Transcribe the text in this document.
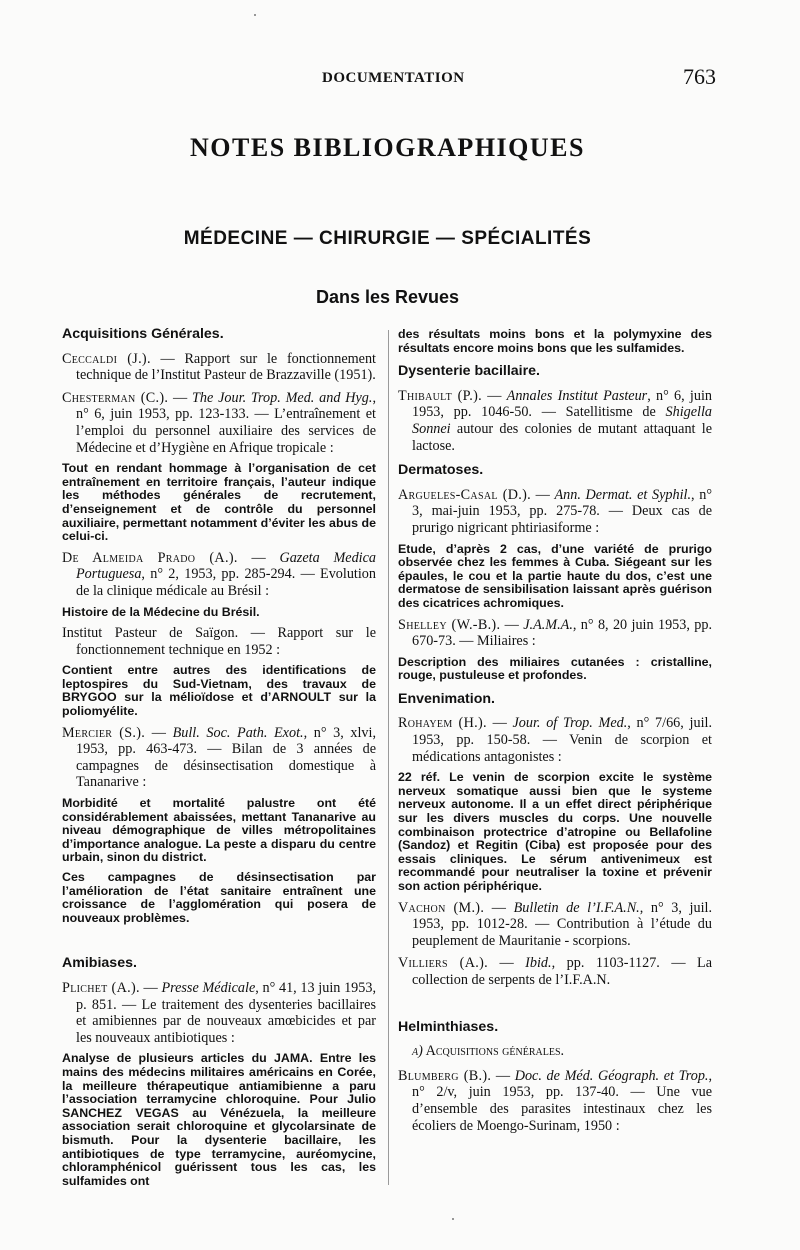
DOCUMENTATION	763
NOTES BIBLIOGRAPHIQUES
MÉDECINE — CHIRURGIE — SPÉCIALITÉS
Dans les Revues
Acquisitions Générales.

Ceccaldi (J.). — Rapport sur le fonctionnement technique de l’Institut Pasteur de Brazzaville (1951).

Chesterman (C.). — The Jour. Trop. Med. and Hyg., n° 6, juin 1953, pp. 123-133. — L’entraînement et l’emploi du personnel auxiliaire des services de Médecine et d’Hygiène en Afrique tropicale :

Tout en rendant hommage à l’organisation de cet entraînement en territoire français, l’auteur indique les méthodes générales de recrutement, d’enseignement et de contrôle du personnel auxiliaire, permettant notamment d’éviter les abus de celui-ci.

De Almeida Prado (A.). — Gazeta Medica Portuguesa, n° 2, 1953, pp. 285-294. — Evolution de la clinique médicale au Brésil :

Histoire de la Médecine du Brésil.

Institut Pasteur de Saïgon. — Rapport sur le fonctionnement technique en 1952 :

Contient entre autres des identifications de leptospires du Sud-Vietnam, des travaux de BRYGOO sur la mélioïdose et d’ARNOULT sur la poliomyélite.

Mercier (S.). — Bull. Soc. Path. Exot., n° 3, xlvi, 1953, pp. 463-473. — Bilan de 3 années de campagnes de désinsectisation domestique à Tananarive :

Morbidité et mortalité palustre ont été considérablement abaissées, mettant Tananarive au niveau démographique de villes métropolitaines d’importance analogue. La peste a disparu du centre urbain, sinon du district.

Ces campagnes de désinsectisation par l’amélioration de l’état sanitaire entraînent une croissance de l’agglomération qui posera de nouveaux problèmes.

Amibiases.

Plichet (A.). — Presse Médicale, n° 41, 13 juin 1953, p. 851. — Le traitement des dysenteries bacillaires et amibiennes par de nouveaux amœbicides et par les nouveaux antibiotiques :

Analyse de plusieurs articles du JAMA. Entre les mains des médecins militaires américains en Corée, la meilleure thérapeutique antiamibienne a paru l’association terramycine chloroquine. Pour Julio SANCHEZ VEGAS au Vénézuela, la meilleure association serait chloroquine et glycolarsinate de bismuth. Pour la dysenterie bacillaire, les antibiotiques de type terramycine, auréomycine, chloramphénicol guérissent tous les cas, les sulfamides ont

des résultats moins bons et la polymyxine des résultats encore moins bons que les sulfamides.

Dysenterie bacillaire.

Thibault (P.). — Annales Institut Pasteur, n° 6, juin 1953, pp. 1046-50. — Satellitisme de Shigella Sonnei autour des colonies de mutant attaquant le lactose.

Dermatoses.

Argueles-Casal (D.). — Ann. Dermat. et Syphil., n° 3, mai-juin 1953, pp. 275-78. — Deux cas de prurigo nigricant phtiriasiforme :

Etude, d’après 2 cas, d’une variété de prurigo observée chez les femmes à Cuba. Siégeant sur les épaules, le cou et la partie haute du dos, c’est une dermatose de sensibilisation laissant après guérison des cicatrices achromiques.

Shelley (W.-B.). — J.A.M.A., n° 8, 20 juin 1953, pp. 670-73. — Miliaires :

Description des miliaires cutanées : cristalline, rouge, pustuleuse et profondes.

Envenimation.

Rohayem (H.). — Jour. of Trop. Med., n° 7/66, juil. 1953, pp. 150-58. — Venin de scorpion et médications antagonistes :

22 réf. Le venin de scorpion excite le système nerveux somatique aussi bien que le systeme nerveux autonome. Il a un effet direct périphérique sur les divers muscles du corps. Une nouvelle combinaison protectrice d’atropine ou Bellafoline (Sandoz) et Regitin (Ciba) est proposée pour des essais cliniques. Le sérum antivenimeux est recommandé pour neutraliser la toxine et prévenir son action périphérique.

Vachon (M.). — Bulletin de l’I.F.A.N., n° 3, juil. 1953, pp. 1012-28. — Contribution à l’étude du peuplement de Mauritanie - scorpions.

Villiers (A.). — Ibid., pp. 1103-1127. — La collection de serpents de l’I.F.A.N.

Helminthiases.

a) Acquisitions générales.

Blumberg (B.). — Doc. de Méd. Géograph. et Trop., n° 2/v, juin 1953, pp. 137-40. — Une vue d’ensemble des parasites intestinaux chez les écoliers de Moengo-Surinam, 1950 :
